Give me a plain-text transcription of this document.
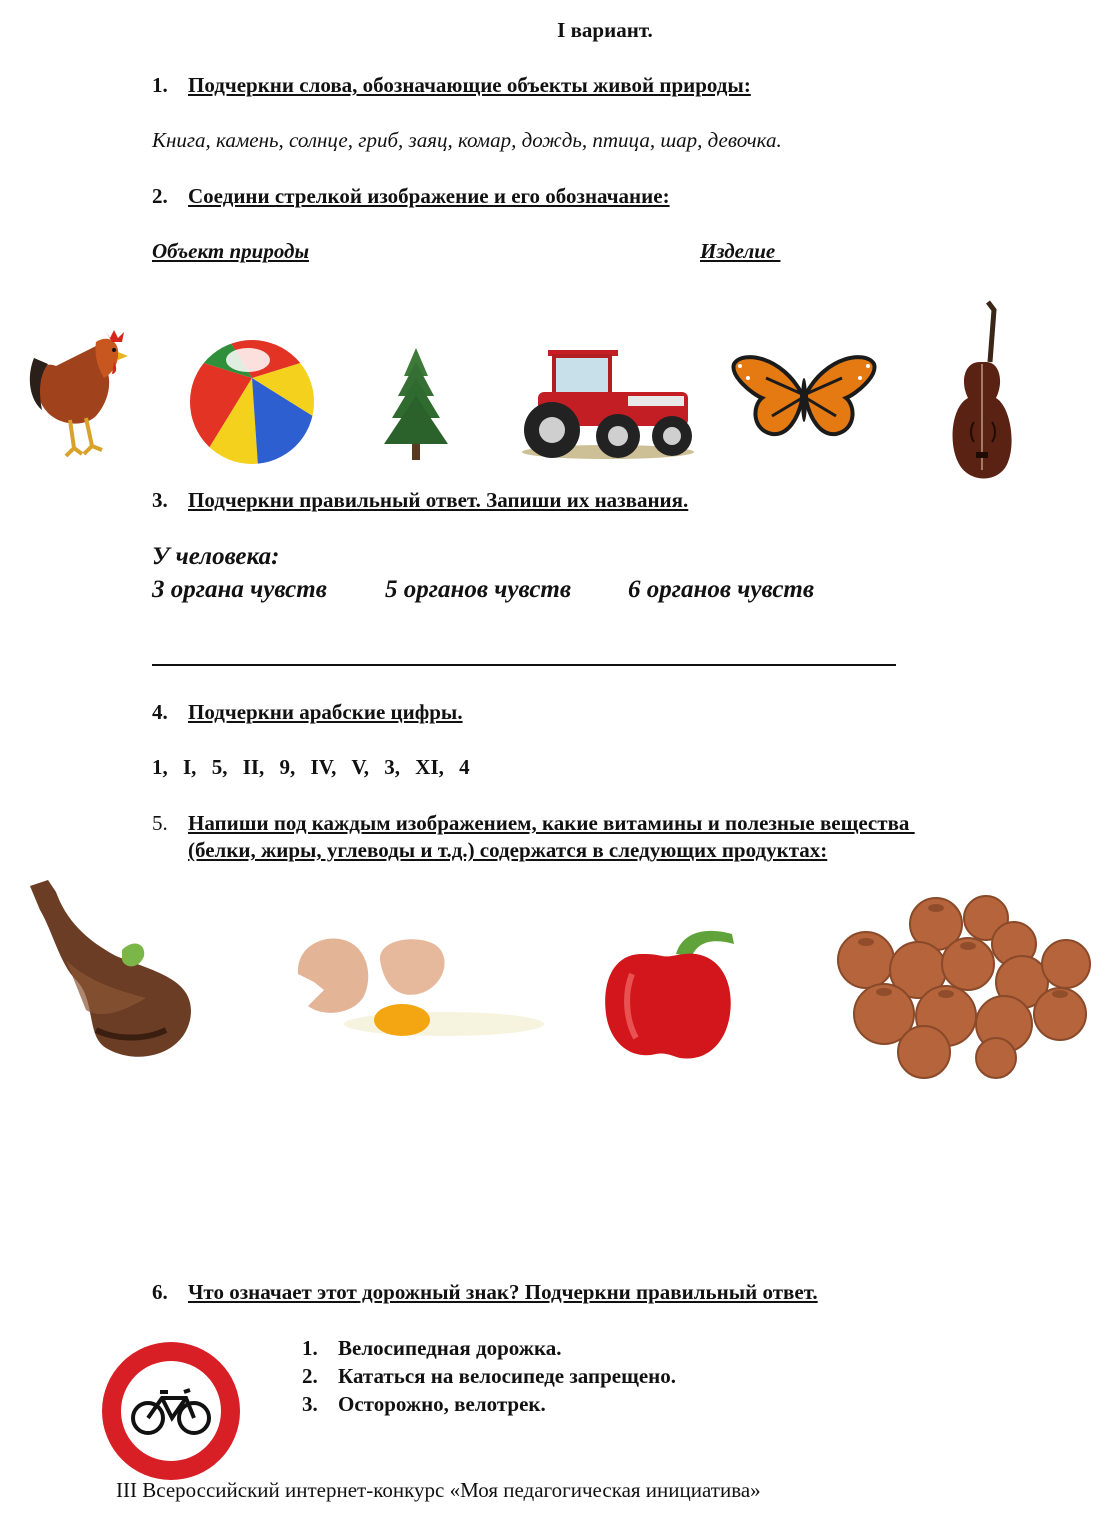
I вариант.
1. Подчеркни слова, обозначающие объекты живой природы:
Книга, камень, солнце, гриб, заяц, комар, дождь, птица, шар, девочка.
2. Соедини стрелкой изображение и его обозначание:
Объект природы	Изделие
3. Подчеркни правильный ответ. Запиши их названия.
У человека:
3 органа чувств 5 органов чувств 6 органов чувств
4. Подчеркни арабские цифры.
1, I, 5, II, 9, IV, V, 3, XI, 4
5. Напиши под каждым изображением, какие витамины и полезные вещества
(белки, жиры, углеводы и т.д.) содержатся в следующих продуктах:
6. Что означает этот дорожный знак? Подчеркни правильный ответ.
1. Велосипедная дорожка.
2. Кататься на велосипеде запрещено.
3. Осторожно, велотрек.
III Всероссийский интернет-конкурс «Моя педагогическая инициатива»
